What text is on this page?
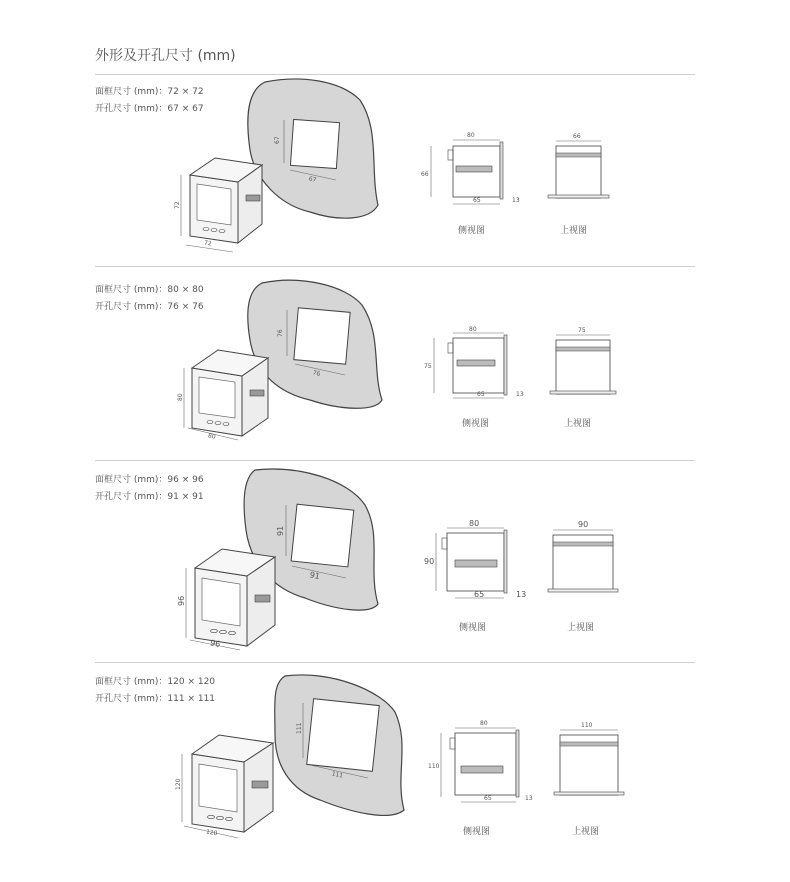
外形及开孔尺寸 (mm)
面框尺寸 (mm)：72 × 72
开孔尺寸 (mm)：67 × 67
面框尺寸 (mm)：80 × 80
开孔尺寸 (mm)：76 × 76
面框尺寸 (mm)：96 × 96
开孔尺寸 (mm)：91 × 91
面框尺寸 (mm)：120 × 120
开孔尺寸 (mm)：111 × 111
67
67
72
72
80
66
65	13
侧视图
66
上视图
76
76
80
80
80
75
65	13
侧视图
75
上视图
91
91
96
96
80
90
65	13
侧视图
90
上视图
111
111
120
120
80
110
65	13
侧视图
110
上视图
